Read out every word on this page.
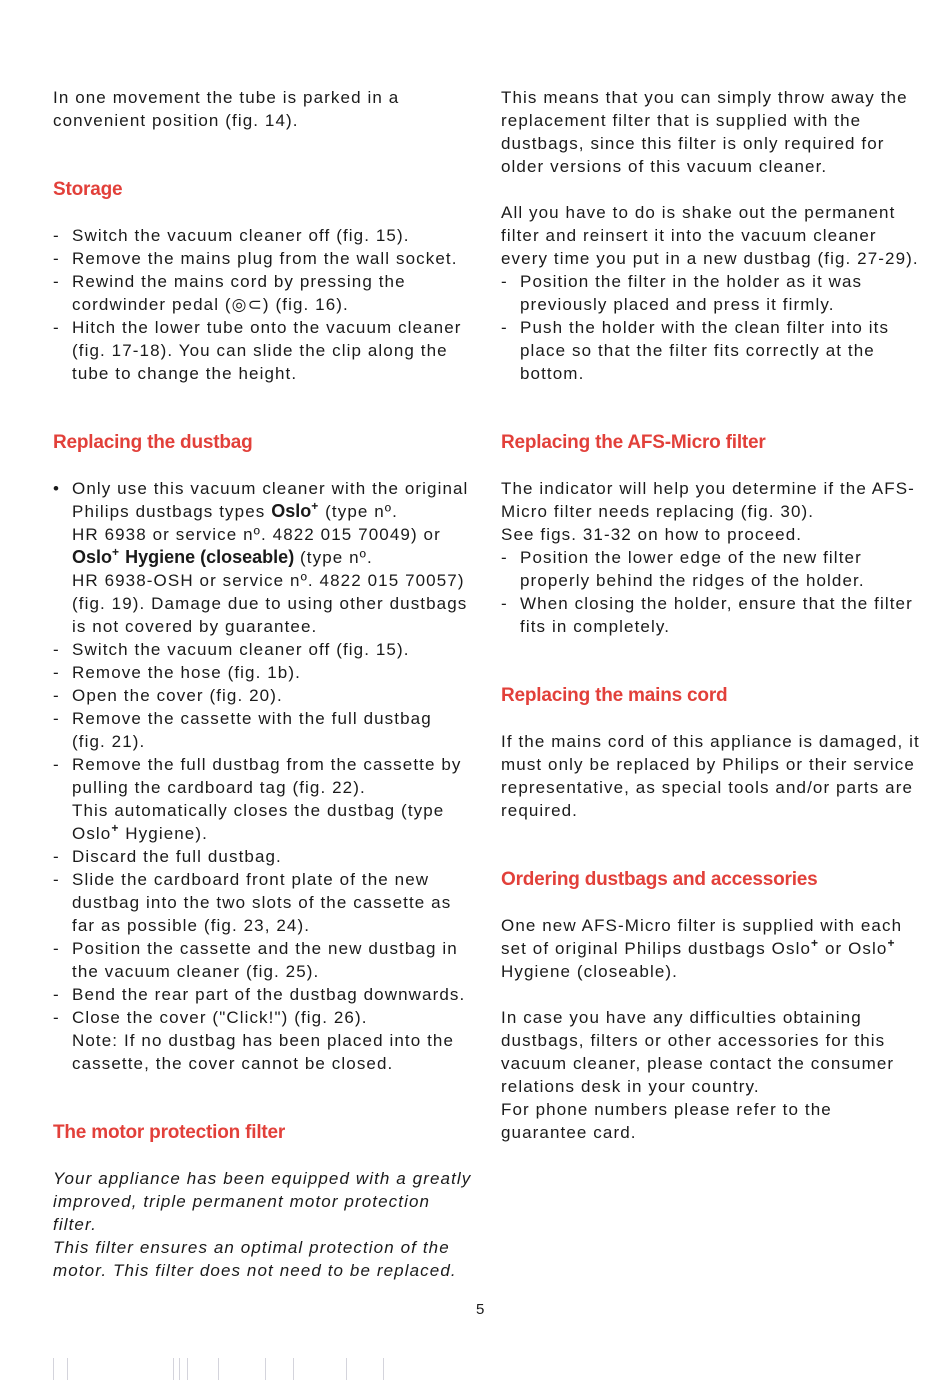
In one movement the tube is parked in a
convenient position (fig. 14).

Storage
- Switch the vacuum cleaner off (fig. 15).
- Remove the mains plug from the wall socket.
- Rewind the mains cord by pressing the
cordwinder pedal (◎⊂) (fig. 16).
- Hitch the lower tube onto the vacuum cleaner
(fig. 17-18). You can slide the clip along the
tube to change the height.
Replacing the dustbag
• Only use this vacuum cleaner with the original
Philips dustbags types Oslo+ (type nº.
HR 6938 or service nº. 4822 015 70049) or
Oslo+ Hygiene (closeable) (type nº.
HR 6938-OSH or service nº. 4822 015 70057)
(fig. 19). Damage due to using other dustbags
is not covered by guarantee.
- Switch the vacuum cleaner off (fig. 15).
- Remove the hose (fig. 1b).
- Open the cover (fig. 20).
- Remove the cassette with the full dustbag
(fig. 21).
- Remove the full dustbag from the cassette by
pulling the cardboard tag (fig. 22).
This automatically closes the dustbag (type
Oslo+ Hygiene).
- Discard the full dustbag.
- Slide the cardboard front plate of the new
dustbag into the two slots of the cassette as
far as possible (fig. 23, 24).
- Position the cassette and the new dustbag in
the vacuum cleaner (fig. 25).
- Bend the rear part of the dustbag downwards.
- Close the cover ("Click!") (fig. 26).
Note: If no dustbag has been placed into the
cassette, the cover cannot be closed.
The motor protection filter

Your appliance has been equipped with a greatly
improved, triple permanent motor protection filter.
This filter ensures an optimal protection of the
motor. This filter does not need to be replaced.

This means that you can simply throw away the
replacement filter that is supplied with the
dustbags, since this filter is only required for
older versions of this vacuum cleaner.

All you have to do is shake out the permanent
filter and reinsert it into the vacuum cleaner
every time you put in a new dustbag (fig. 27-29).

- Position the filter in the holder as it was
previously placed and press it firmly.
- Push the holder with the clean filter into its
place so that the filter fits correctly at the
bottom.
Replacing the AFS-Micro filter

The indicator will help you determine if the AFS-
Micro filter needs replacing (fig. 30).
See figs. 31-32 on how to proceed.

- Position the lower edge of the new filter
properly behind the ridges of the holder.
- When closing the holder, ensure that the filter
fits in completely.
Replacing the mains cord

If the mains cord of this appliance is damaged, it
must only be replaced by Philips or their service
representative, as special tools and/or parts are
required.

Ordering dustbags and accessories

One new AFS-Micro filter is supplied with each
set of original Philips dustbags Oslo+ or Oslo+
Hygiene (closeable).

In case you have any difficulties obtaining
dustbags, filters or other accessories for this
vacuum cleaner, please contact the consumer
relations desk in your country.
For phone numbers please refer to the
guarantee card.

5
